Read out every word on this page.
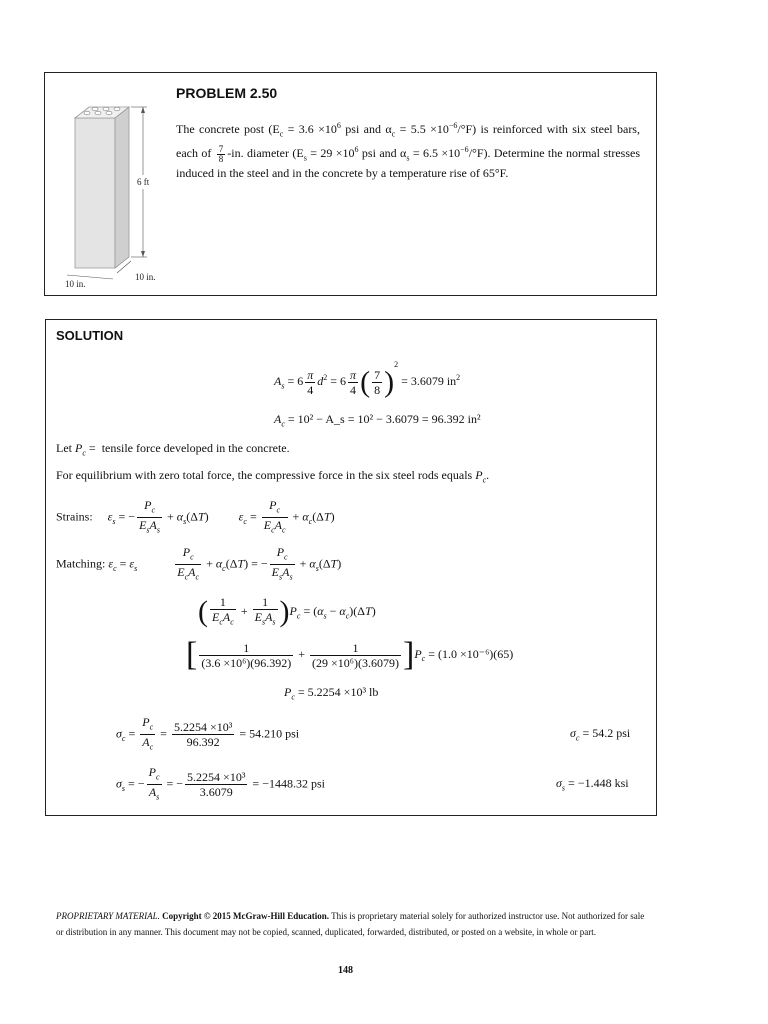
6 ft
10 in.
10 in.
PROBLEM 2.50
The concrete post ($E_c = 3.6 \times 10^6$ psi and $\alpha_c = 5.5 \times 10^{-6}/^\circ F$) is reinforced with six steel bars, each of $\frac{7}{8} -in$. diameter ($E_s = 29 \times 10^6$ psi and $\alpha_s = 6.5 \times 10^{-6}/^\circ F$). Determine the normal stresses induced in the steel and in the concrete by a temperature rise of 65°F.
SOLUTION
$A_s = 6 \frac{\pi}{4} d^2 = 6 \frac{\pi}{4}$ ( $\frac{7}{8} )^2 = 3.6079$ $in^2$
$A_c = 10^2$ − A_s = 10² − 3.6079 = 96.392 in²
Let $P_c$ =  tensile force developed in the concrete.
For equilibrium with zero total force, the compressive force in the six steel rods equals $P_c$.
Strains: $\varepsilon_s$ = − $\frac{P_c}{E_sA_s} + \alpha_s(\Delta T)$          $\varepsilon_c = \frac{P_c}{E_cA_c} + \alpha_c(\Delta T)$
Matching: $\varepsilon_c = \varepsilon_s$	$\frac{P_c}{E_cA_c} + \alpha_c(\Delta T)$ = − $\frac{P_c}{E_sA_s} + \alpha_s(\Delta T)$
( $\frac{1}{E_cA_c} + \frac{1}{E_sA_s} )P_c = (\alpha_s - \alpha_c)(\Delta T)$
[ $\frac{1}{\text{(3.6 ×10⁶)(96.392)}} + \frac{1}{\text{(29 ×10⁶)(3.6079)}} ]P_c = (1.0 \times 10^{-6})(65)$
$P_c = 5.2254 \times 10^3$ lb
$\sigma_c = \frac{P_c}{A_c} = \frac{\text{5.2254 ×10³}}{96.392} = 54.210$ psi	$\sigma_c = 54.2$ psi
$\sigma_s$ = − $\frac{P_c}{A_s}$ = − $\frac{\text{5.2254 ×10³}}{3.6079} = -1448.32$ psi	$\sigma_s = -1.448$ ksi
PROPRIETARY MATERIAL. Copyright © 2015 McGraw-Hill Education. This is proprietary material solely for authorized instructor use. Not authorized for sale or distribution in any manner. This document may not be copied, scanned, duplicated, forwarded, distributed, or posted on a website, in whole or part.
148
